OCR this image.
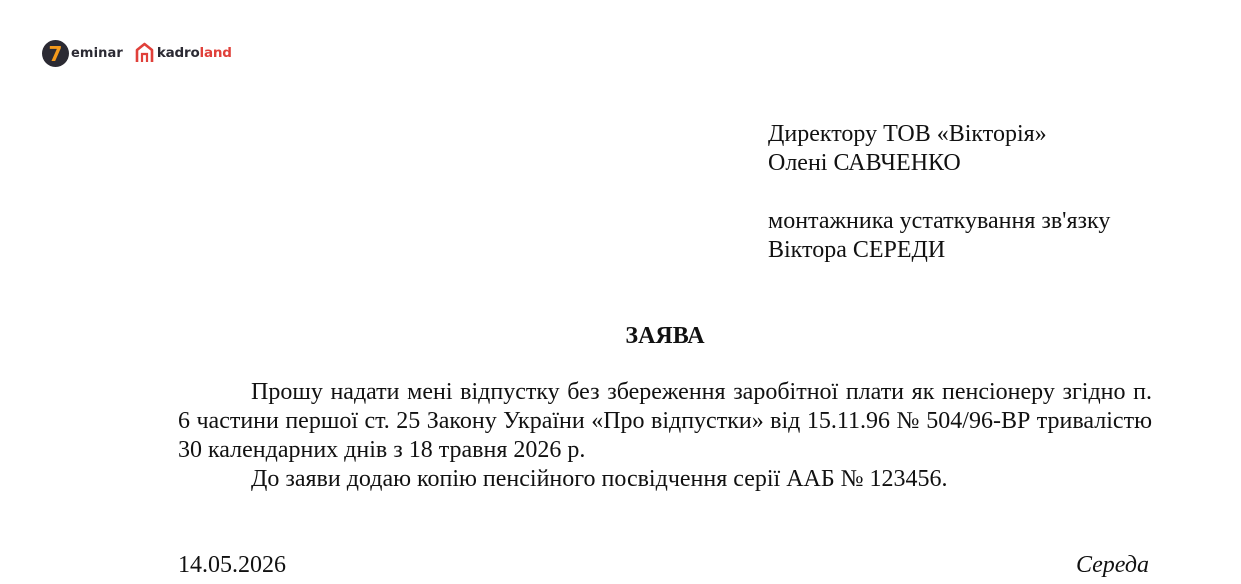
7 eminar	kadroland
Директору ТОВ «Вікторія»
Олені САВЧЕНКО
монтажника устаткування зв'язку
Віктора СЕРЕДИ
ЗАЯВА

Прошу надати мені відпустку без збереження заробітної плати як пенсіонеру згідно п. 6 частини першої ст. 25 Закону України «Про відпустки» від 15.11.96 № 504/96-ВР тривалістю 30 календарних днів з 18 травня 2026 р.

До заяви додаю копію пенсійного посвідчення серії ААБ № 123456.

14.05.2026	Середа
